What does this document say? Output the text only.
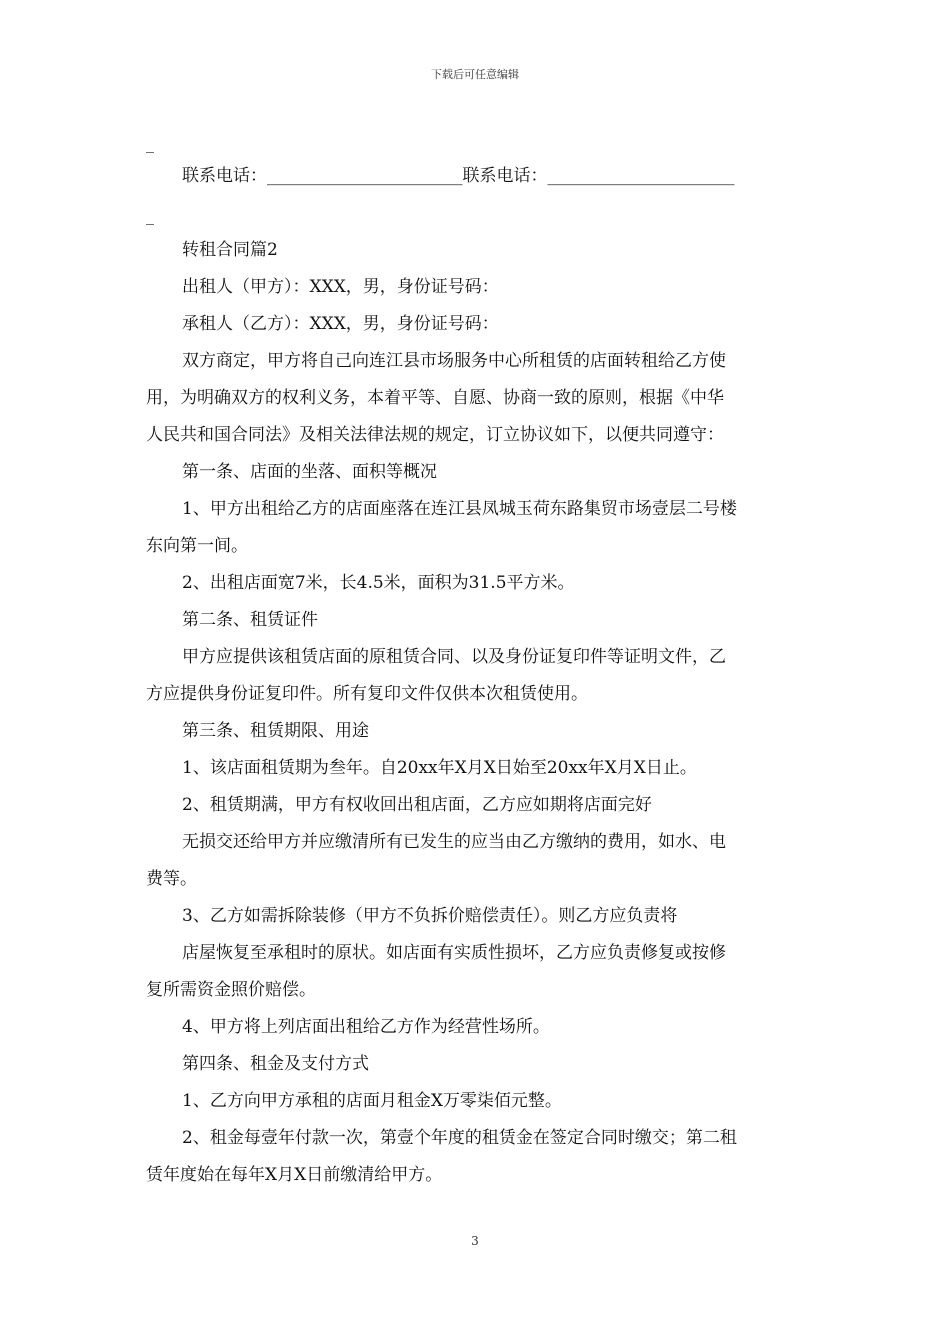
下载后可任意编辑
_
联系电话：_______________________联系电话：______________________
_
转租合同篇2
出租人（甲方）：XXX，男，身份证号码：
承租人（乙方）：XXX，男，身份证号码：
双方商定，甲方将自己向连江县市场服务中心所租赁的店面转租给乙方使
用，为明确双方的权利义务，本着平等、自愿、协商一致的原则，根据《中华
人民共和国合同法》及相关法律法规的规定，订立协议如下，以便共同遵守：
第一条、店面的坐落、面积等概况
1、甲方出租给乙方的店面座落在连江县凤城玉荷东路集贸市场壹层二号楼
东向第一间。
2、出租店面宽7米，长4.5米，面积为31.5平方米。
第二条、租赁证件
甲方应提供该租赁店面的原租赁合同、以及身份证复印件等证明文件，乙
方应提供身份证复印件。所有复印文件仅供本次租赁使用。
第三条、租赁期限、用途
1、该店面租赁期为叁年。自20xx年X月X日始至20xx年X月X日止。
2、租赁期满，甲方有权收回出租店面，乙方应如期将店面完好
无损交还给甲方并应缴清所有已发生的应当由乙方缴纳的费用，如水、电
费等。
3、乙方如需拆除装修（甲方不负拆价赔偿责任）。则乙方应负责将
店屋恢复至承租时的原状。如店面有实质性损坏，乙方应负责修复或按修
复所需资金照价赔偿。
4、甲方将上列店面出租给乙方作为经营性场所。
第四条、租金及支付方式
1、乙方向甲方承租的店面月租金X万零柒佰元整。
2、租金每壹年付款一次，第壹个年度的租赁金在签定合同时缴交；第二租
赁年度始在每年X月X日前缴清给甲方。
3
